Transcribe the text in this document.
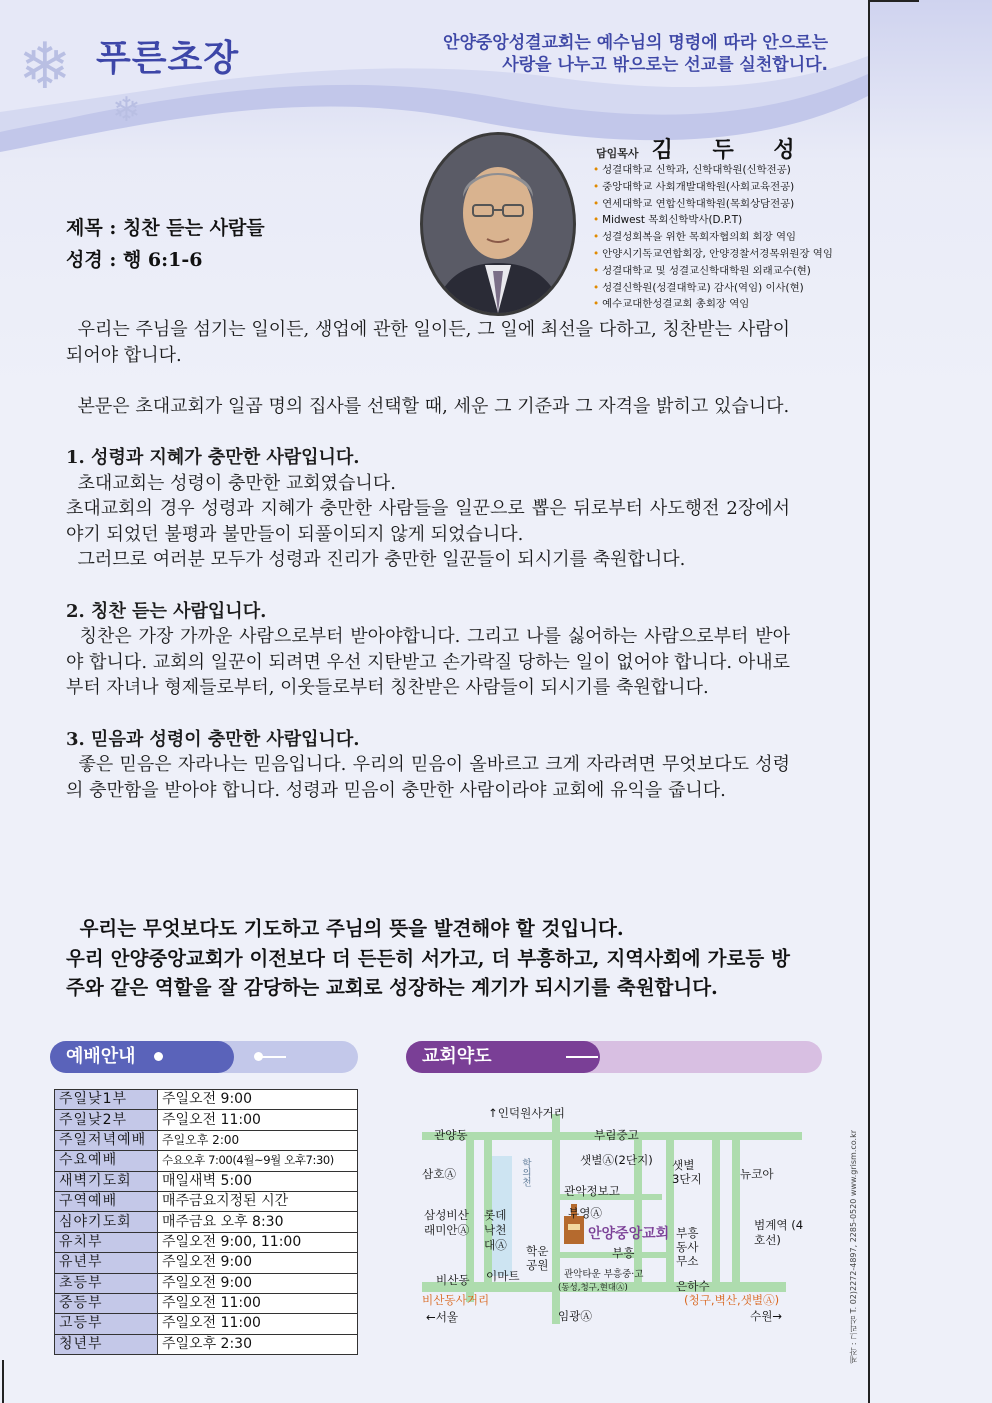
❄
❄
푸른초장	안양중앙성결교회는 예수님의 명령에 따라 안으로는
사랑을 나누고 밖으로는 선교를 실천합니다.
담임목사 김 두 성
• 성결대학교 신학과, 신학대학원(신학전공)
• 중앙대학교 사회개발대학원(사회교육전공)
• 연세대학교 연합신학대학원(목회상담전공)
• Midwest 목회신학박사(D.P.T)
• 성결성회복을 위한 목회자협의회 회장 역임
• 안양시기독교연합회장, 안양경찰서경목위원장 역임
• 성결대학교 및 성결교신학대학원 외래교수(현)
• 성결신학원(성결대학교) 감사(역임) 이사(현)
• 예수교대한성결교회 총회장 역임
제목 : 칭찬 듣는 사람들
성경 : 행 6:1-6

우리는 주님을 섬기는 일이든, 생업에 관한 일이든, 그 일에 최선을 다하고, 칭찬받는 사람이 되어야 합니다.

본문은 초대교회가 일곱 명의 집사를 선택할 때, 세운 그 기준과 그 자격을 밝히고 있습니다.

1. 성령과 지혜가 충만한 사람입니다.

초대교회는 성령이 충만한 교회였습니다.

초대교회의 경우 성령과 지혜가 충만한 사람들을 일꾼으로 뽑은 뒤로부터 사도행전 2장에서 야기 되었던 불평과 불만들이 되풀이되지 않게 되었습니다.

그러므로 여러분 모두가 성령과 진리가 충만한 일꾼들이 되시기를 축원합니다.

2. 칭찬 듣는 사람입니다.

칭찬은 가장 가까운 사람으로부터 받아야합니다. 그리고 나를 싫어하는 사람으로부터 받아야 합니다. 교회의 일꾼이 되려면 우선 지탄받고 손가락질 당하는 일이 없어야 합니다. 아내로부터 자녀나 형제들로부터, 이웃들로부터 칭찬받은 사람들이 되시기를 축원합니다.

3. 믿음과 성령이 충만한 사람입니다.

좋은 믿음은 자라나는 믿음입니다. 우리의 믿음이 올바르고 크게 자라려면 무엇보다도 성령의 충만함을 받아야 합니다. 성령과 믿음이 충만한 사람이라야 교회에 유익을 줍니다.

우리는 무엇보다도 기도하고 주님의 뜻을 발견해야 할 것입니다.
우리 안양중앙교회가 이전보다 더 든든히 서가고, 더 부흥하고, 지역사회에 가로등 방주와 같은 역할을 잘 감당하는 교회로 성장하는 계기가 되시기를 축원합니다.
예배안내
주일낮1부	주일오전 9:00
주일낮2부	주일오전 11:00
주일저녁예배	주일오후 2:00
수요예배	수요오후 7:00(4월~9월 오후7:30)
새벽기도회	매일새벽 5:00
구역예배	매주금요지정된 시간
심야기도회	매주금요 오후 8:30
유치부	주일오전 9:00, 11:00
유년부	주일오전 9:00
초등부	주일오전 9:00
중등부	주일오전 11:00
고등부	주일오전 11:00
청년부	주일오후 2:30
교회약도
↑인덕원사거리
관양동	부림중고
삼호Ⓐ	학의천	샛별Ⓐ(2단지) 샛별 3단지	뉴코아
관악정보고
삼성비산 래미안Ⓐ
롯데 낙천대Ⓐ
부영Ⓐ
안양중앙교회
부흥
부흥 동사무소
범계역 (4호선)
학운 공원
비산동 이마트	관악타운 부흥중·고
(동성,청구,현대Ⓐ)	은하수
비산동사거리	(청구,벽산,샛별Ⓐ)
←서울	임광Ⓐ	수원→	제작 : 그리심 T. 02)2272-4897, 2285-0520 www.grism.co.kr
